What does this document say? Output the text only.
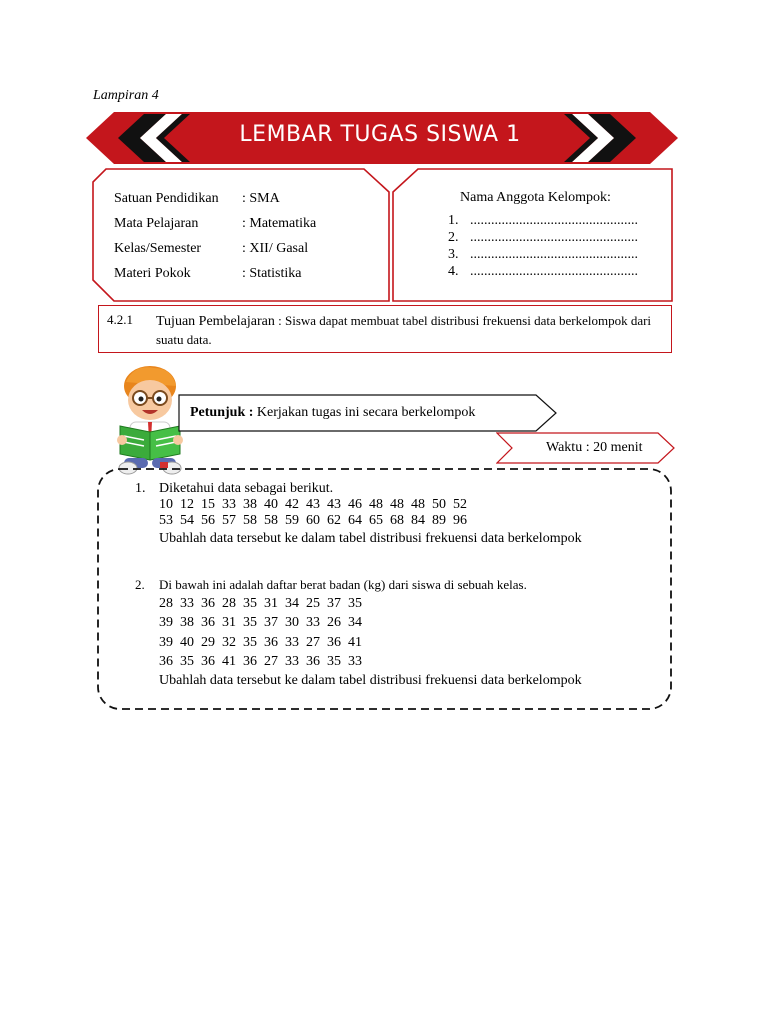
Lampiran 4
LEMBAR TUGAS SISWA 1
Satuan Pendidikan : SMA
Mata Pelajaran	: Matematika
Kelas/Semester	: XII/ Gasal
Materi Pokok	: Statistika
Nama Anggota Kelompok:
1. ................................................
2. ................................................
3. ................................................
4. ................................................
4.2.1 Tujuan Pembelajaran : Siswa dapat membuat tabel distribusi frekuensi data berkelompok dari suatu data.
Petunjuk : Kerjakan tugas ini secara berkelompok
Waktu : 20 menit
1. Diketahui data sebagai berikut.
10  12  15  33  38  40  42  43  43  46  48  48  48  50  52
53  54  56  57  58  58  59  60  62  64  65  68  84  89  96
Ubahlah data tersebut ke dalam tabel distribusi frekuensi data berkelompok
2. Di bawah ini adalah daftar berat badan (kg) dari siswa di sebuah kelas.
28  33  36  28  35  31  34  25  37  35
39  38  36  31  35  37  30  33  26  34
39  40  29  32  35  36  33  27  36  41
36  35  36  41  36  27  33  36  35  33
Ubahlah data tersebut ke dalam tabel distribusi frekuensi data berkelompok
